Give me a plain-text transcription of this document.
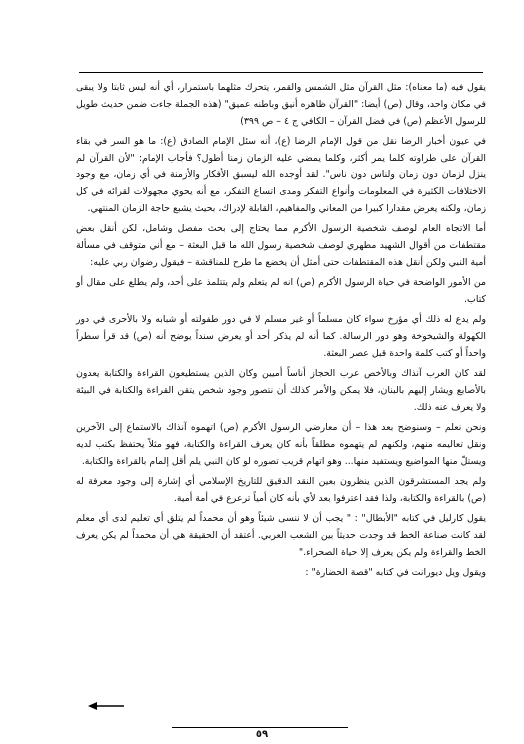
يقول فيه (ما معناه): مثل القرآن مثل الشمس والقمر، يتحرك مثلهما باستمرار، أي أنه ليس ثابتا ولا يبقى في مكان واحد، وقال (ص) أيضا: "القرآن ظاهره أنيق وباطنه عميق" (هذه الجملة جاءت ضمن حديث طويل للرسول الأعظم (ص) في فضل القرآن – الكافي ج ٤ – ص ٣٩٩)

في عيون أخبار الرضا نقل من قول الإمام الرضا (ع)، أنه سئل الإمام الصادق (ع): ما هو السر في بقاء القرآن على طراوته كلما يمر أكثر، وكلما يمضي عليه الزمان زمنا أطول؟ فأجاب الإمام: "لأن القرآن لم ينزل لزمان دون زمان ولناس دون ناس". لقد أوجده الله ليسبق الأفكار والأزمنة في أي زمان، مع وجود الاختلافات الكثيرة في المعلومات وأنواع التفكر ومدى اتساع التفكر، مع أنه يحوي مجهولات لقرائه في كل زمان، ولكنه يعرض مقدارا كبيرا من المعاني والمفاهيم، القابلة لإدراك، بحيث يشبع حاجة الزمان المنتهي.

أما الاتجاه العام لوصف شخصية الرسول الأكرم مما يحتاج إلى بحث مفصل وشامل، لكن أنقل بعض مقتطفات من أقوال الشهيد مطهري لوصف شخصية رسول الله ما قبل البعثة – مع أني متوقف في مسألة أمية النبي ولكن أنقل هذه المقتطفات حتى أمثل أن يخضع ما طرح للمناقشة – فيقول رضوان ربي عليه:

من الأمور الواضحة في حياة الرسول الأكرم (ص) انه لم يتعلم ولم يتتلمذ على أحد، ولم يطلع على مقال أو كتاب.

ولم يدع له ذلك أي مؤرخ سواء كان مسلماً أو غير مسلم لا في دور طفولته أو شبابه ولا بالأحرى في دور الكهولة والشيخوخة وهو دور الرسالة. كما أنه لم يذكر أحد أو يعرض سنداً يوضح أنه (ص) قد قرأ سطراً واحداً أو كتب كلمة واحدة قبل عصر البعثة.

لقد كان العرب آنذاك وبالأخص عرب الحجاز أناساً أميين وكان الذين يستطيعون القراءة والكتابة يعدون بالأصابع ويشار إليهم بالبنان، فلا يمكن والأمر كذلك أن نتصور وجود شخص يتقن القراءة والكتابة في البيئة ولا يعرف عنه ذلك.

ونحن نعلم – وسنوضح بعد هذا – أن معارضي الرسول الأكرم (ص) اتهموه آنذاك بالاستماع إلى الآخرين ونقل تعاليمه منهم، ولكنهم لم يتهموه مطلقاً بأنه كان يعرف القراءة والكتابة، فهو مثلاً يحتفظ بكتب لديه ويستلّ منها المواضيع ويستفيد منها... وهو اتهام قريب تصوره لو كان النبي يلم أقل إلمام بالقراءة والكتابة.

ولم يجد المستشرقون الذين ينظرون بعين النقد الدقيق للتاريخ الإسلامي أي إشارة إلى وجود معرفة له (ص) بالقراءة والكتابة، ولذا فقد اعترفوا بعد لأي بأنه كان أمياً ترعرع في أمة أمية.

يقول كارليل في كتابه "الأبطال" : " يجب أن لا ننسى شيئاً وهو أن محمداً لم يتلق أي تعليم لدى أي معلم لقد كانت صناعة الخط قد وجدت حديثاً بين الشعب العربي. أعتقد أن الحقيقة هي أن محمداً لم يكن يعرف الخط والقراءة ولم يكن يعرف إلا حياة الصحراء."

ويقول ويل ديورانت في كتابه "قصة الحضارة" :

٥٩
